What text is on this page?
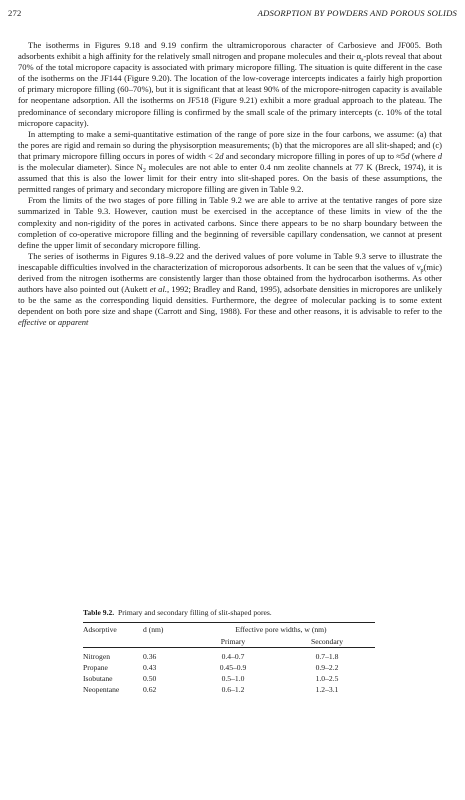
272	ADSORPTION BY POWDERS AND POROUS SOLIDS

The isotherms in Figures 9.18 and 9.19 confirm the ultramicroporous character of Carbosieve and JF005. Both adsorbents exhibit a high affinity for the relatively small nitrogen and propane molecules and their $\alpha_s$-plots reveal that about 70% of the total micropore capacity is associated with primary micropore filling. The situation is quite different in the case of the isotherms on the JF144 (Figure 9.20). The location of the low-coverage intercepts indicates a fairly high proportion of primary micropore filling (60–70%), but it is significant that at least 90% of the micropore-nitrogen capacity is available for neopentane adsorption. All the isotherms on JF518 (Figure 9.21) exhibit a more gradual approach to the plateau. The predominance of secondary micropore filling is confirmed by the small scale of the primary intercepts (c. 10% of the total micropore capacity).

In attempting to make a semi-quantitative estimation of the range of pore size in the four carbons, we assume: (a) that the pores are rigid and remain so during the physisorption measurements; (b) that the micropores are all slit-shaped; and (c) that primary micropore filling occurs in pores of width < 2d and secondary micropore filling in pores of up to ≈5d (where d is the molecular diameter). Since $N_2$ molecules are not able to enter 0.4 nm zeolite channels at 77 K (Breck, 1974), it is assumed that this is also the lower limit for their entry into slit-shaped pores. On the basis of these assumptions, the permitted ranges of primary and secondary micropore filling are given in Table 9.2.

From the limits of the two stages of pore filling in Table 9.2 we are able to arrive at the tentative ranges of pore size summarized in Table 9.3. However, caution must be exercised in the acceptance of these limits in view of the the complexity and non-rigidity of the pores in activated carbons. Since there appears to be no sharp boundary between the completion of co-operative micropore filling and the beginning of reversible capillary condensation, we cannot at present define the upper limit of secondary micropore filling.

The series of isotherms in Figures 9.18–9.22 and the derived values of pore volume in Table 9.3 serve to illustrate the inescapable difficulties involved in the characterization of microporous adsorbents. It can be seen that the values of $v_p(mic)$ derived from the nitrogen isotherms are consistently larger than those obtained from the hydrocarbon isotherms. As other authors have also pointed out (Aukett et al., 1992; Bradley and Rand, 1995), adsorbate densities in micropores are unlikely to be the same as the corresponding liquid densities. Furthermore, the degree of molecular packing is to some extent dependent on both pore size and shape (Carrott and Sing, 1988). For these and other reasons, it is advisable to refer to the effective or apparent

Table 9.2. Primary and secondary filling of slit-shaped pores.
Adsorptive	d (nm)	Effective pore widths, w (nm)	
		Primary	Secondary

Nitrogen	0.36	0.4–0.7	0.7–1.8
Propane	0.43	0.45–0.9	0.9–2.2
Isobutane	0.50	0.5–1.0	1.0–2.5
Neopentane	0.62	0.6–1.2	1.2–3.1
